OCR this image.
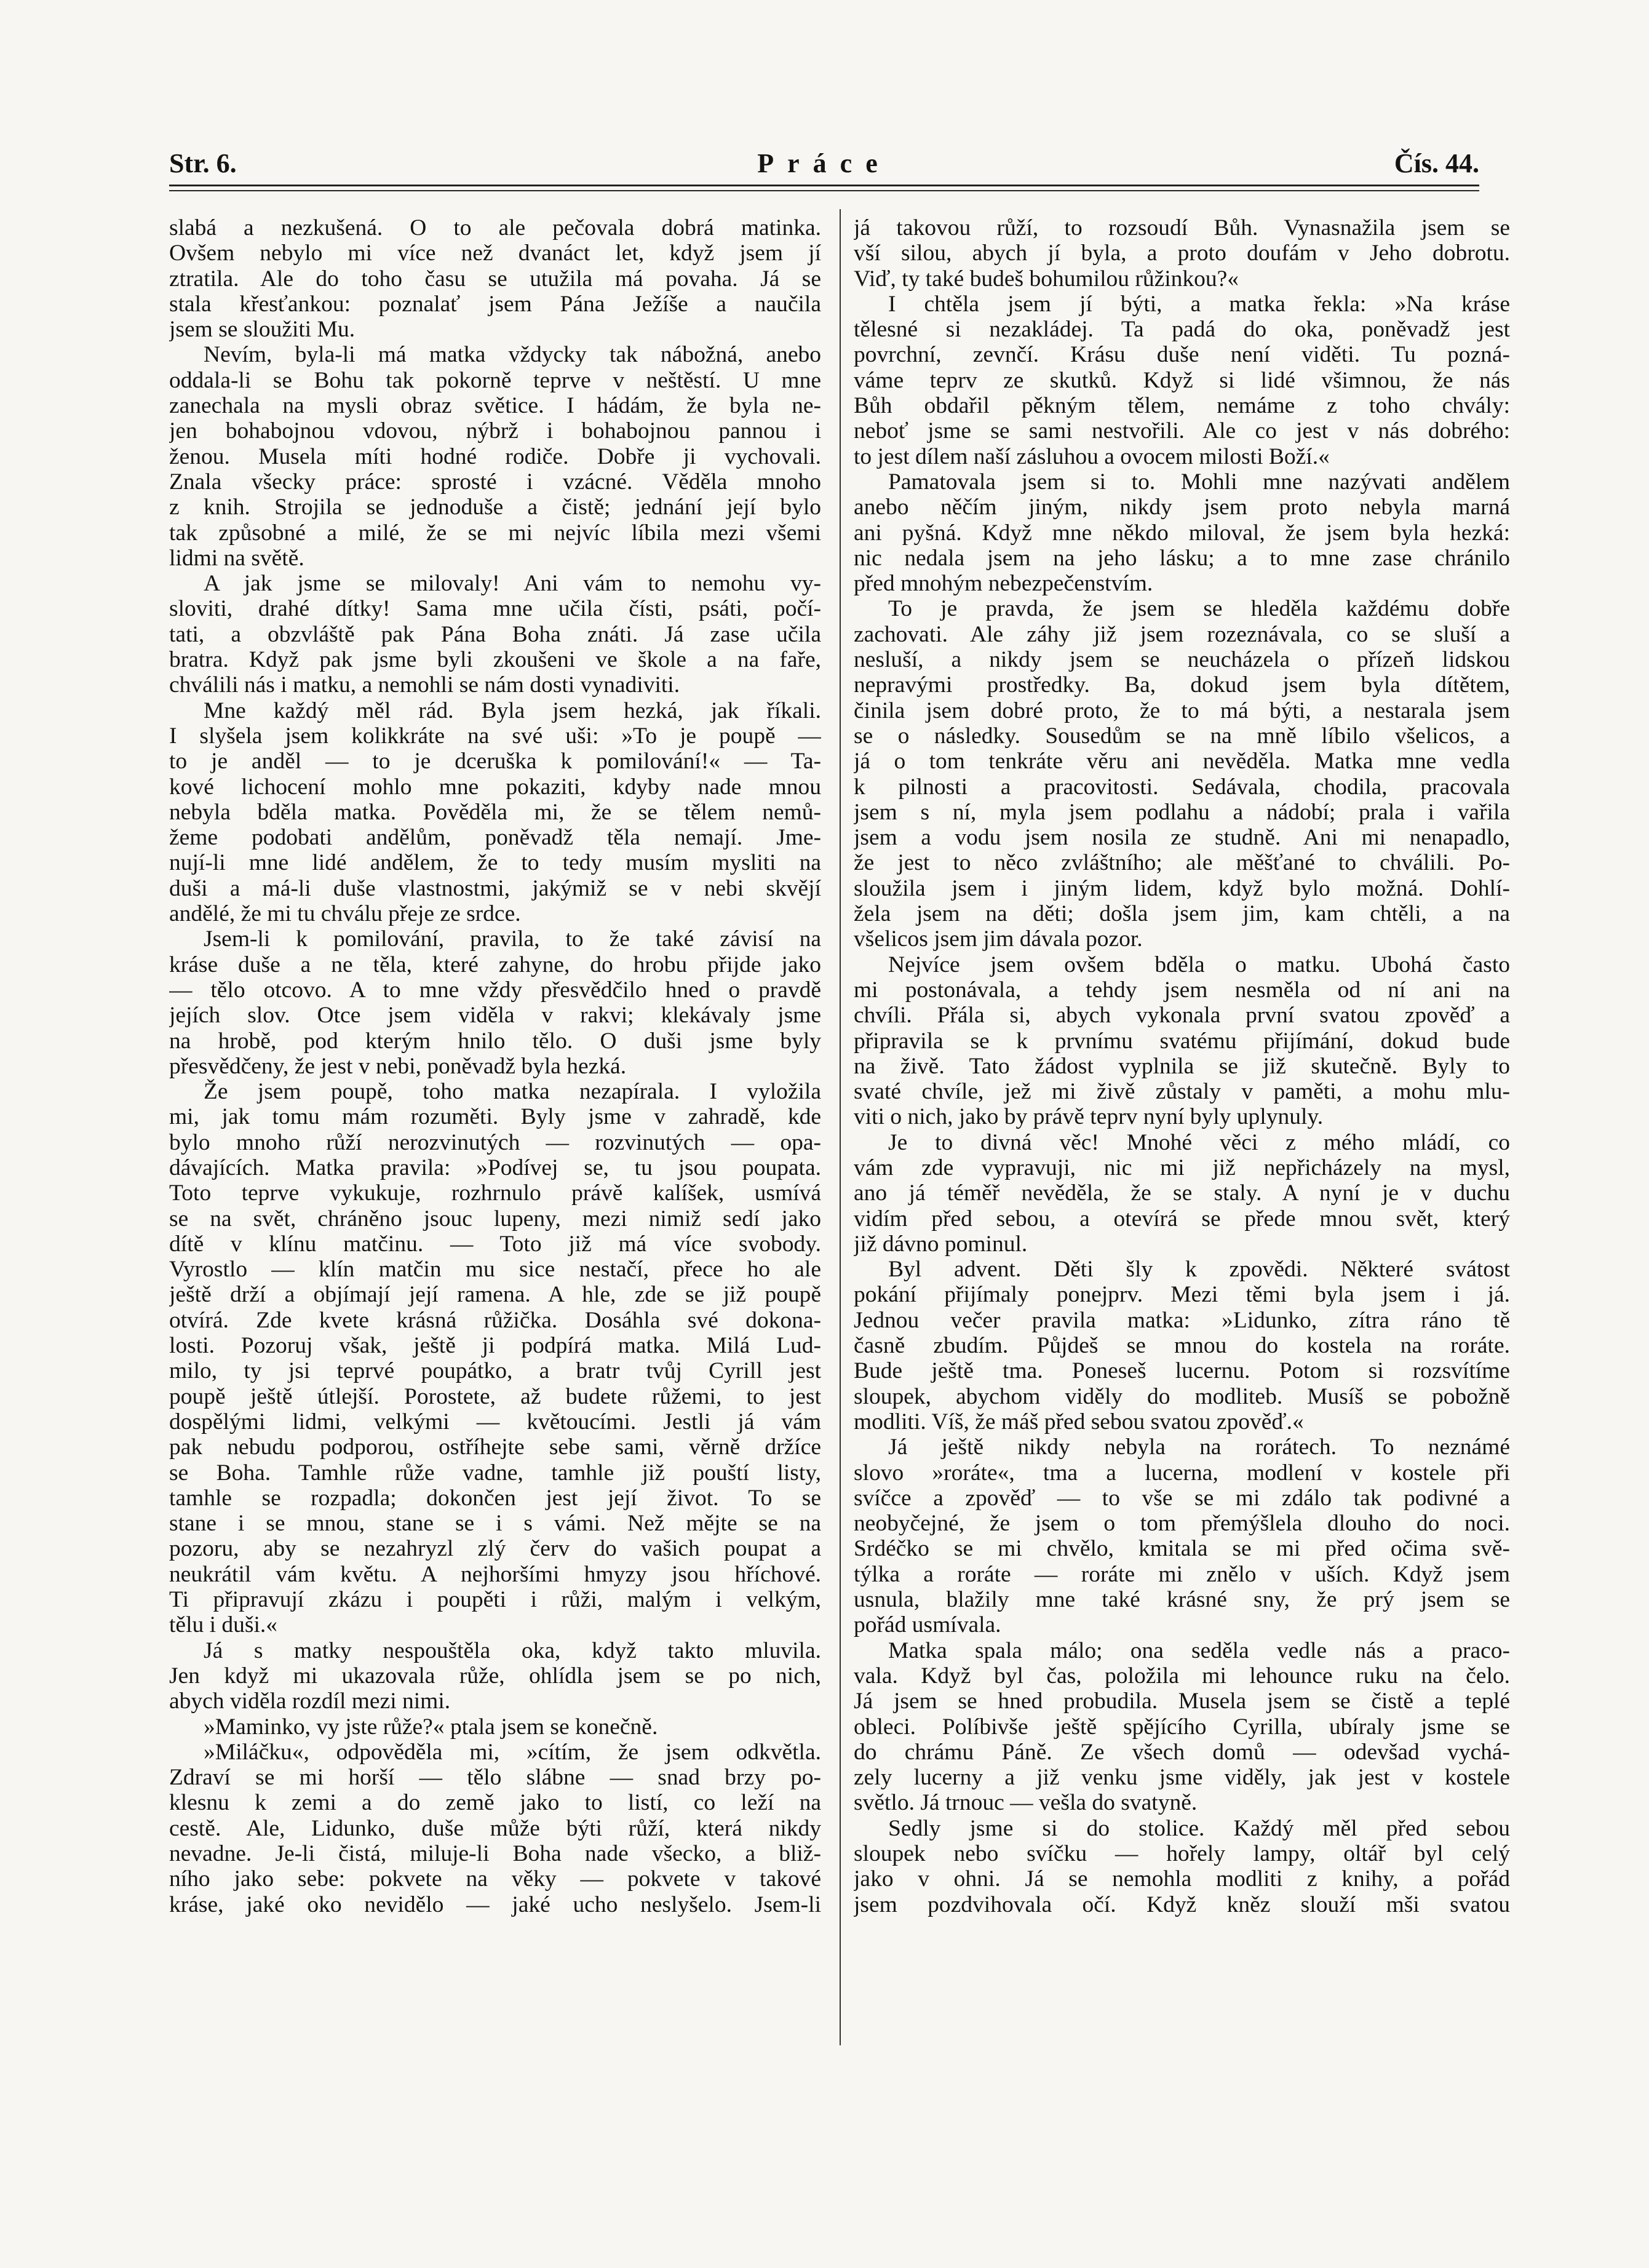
Str. 6.	Práce	Čís. 44.
slabá a nezkušená. O to ale pečovala dobrá matinka.
Ovšem nebylo mi více než dvanáct let, když jsem jí
ztratila. Ale do toho času se utužila má povaha. Já se
stala křesťankou: poznalať jsem Pána Ježíše a naučila
jsem se sloužiti Mu.
Nevím, byla-li má matka vždycky tak nábožná, anebo
oddala-li se Bohu tak pokorně teprve v neštěstí. U mne
zanechala na mysli obraz světice. I hádám, že byla ne-
jen bohabojnou vdovou, nýbrž i bohabojnou pannou i
ženou. Musela míti hodné rodiče. Dobře ji vychovali.
Znala všecky práce: sprosté i vzácné. Věděla mnoho
z knih. Strojila se jednoduše a čistě; jednání její bylo
tak způsobné a milé, že se mi nejvíc líbila mezi všemi
lidmi na světě.
A jak jsme se milovaly! Ani vám to nemohu vy-
sloviti, drahé dítky! Sama mne učila čísti, psáti, počí-
tati, a obzvláště pak Pána Boha znáti. Já zase učila
bratra. Když pak jsme byli zkoušeni ve škole a na faře,
chválili nás i matku, a nemohli se nám dosti vynadiviti.
Mne každý měl rád. Byla jsem hezká, jak říkali.
I slyšela jsem kolikkráte na své uši: »To je poupě —
to je anděl — to je dceruška k pomilování!« — Ta-
kové lichocení mohlo mne pokaziti, kdyby nade mnou
nebyla bděla matka. Pověděla mi, že se tělem nemů-
žeme podobati andělům, poněvadž těla nemají. Jme-
nují-li mne lidé andělem, že to tedy musím mysliti na
duši a má-li duše vlastnostmi, jakýmiž se v nebi skvějí
andělé, že mi tu chválu přeje ze srdce.
Jsem-li k pomilování, pravila, to že také závisí na
kráse duše a ne těla, které zahyne, do hrobu přijde jako
— tělo otcovo. A to mne vždy přesvědčilo hned o pravdě
jejích slov. Otce jsem viděla v rakvi; klekávaly jsme
na hrobě, pod kterým hnilo tělo. O duši jsme byly
přesvědčeny, že jest v nebi, poněvadž byla hezká.
Že jsem poupě, toho matka nezapírala. I vyložila
mi, jak tomu mám rozuměti. Byly jsme v zahradě, kde
bylo mnoho růží nerozvinutých — rozvinutých — opa-
dávajících. Matka pravila: »Podívej se, tu jsou poupata.
Toto teprve vykukuje, rozhrnulo právě kalíšek, usmívá
se na svět, chráněno jsouc lupeny, mezi nimiž sedí jako
dítě v klínu matčinu. — Toto již má více svobody.
Vyrostlo — klín matčin mu sice nestačí, přece ho ale
ještě drží a objímají její ramena. A hle, zde se již poupě
otvírá. Zde kvete krásná růžička. Dosáhla své dokona-
losti. Pozoruj však, ještě ji podpírá matka. Milá Lud-
milo, ty jsi teprvé poupátko, a bratr tvůj Cyrill jest
poupě ještě útlejší. Porostete, až budete růžemi, to jest
dospělými lidmi, velkými — květoucími. Jestli já vám
pak nebudu podporou, ostříhejte sebe sami, věrně držíce
se Boha. Tamhle růže vadne, tamhle již pouští listy,
tamhle se rozpadla; dokončen jest její život. To se
stane i se mnou, stane se i s vámi. Než mějte se na
pozoru, aby se nezahryzl zlý červ do vašich poupat a
neukrátil vám květu. A nejhoršími hmyzy jsou hříchové.
Ti připravují zkázu i poupěti i růži, malým i velkým,
tělu i duši.«
Já s matky nespouštěla oka, když takto mluvila.
Jen když mi ukazovala růže, ohlídla jsem se po nich,
abych viděla rozdíl mezi nimi.
»Maminko, vy jste růže?« ptala jsem se konečně.
»Miláčku«, odpověděla mi, »cítím, že jsem odkvětla.
Zdraví se mi horší — tělo slábne — snad brzy po-
klesnu k zemi a do země jako to listí, co leží na
cestě. Ale, Lidunko, duše může býti růží, která nikdy
nevadne. Je-li čistá, miluje-li Boha nade všecko, a bliž-
ního jako sebe: pokvete na věky — pokvete v takové
kráse, jaké oko nevidělo — jaké ucho neslyšelo. Jsem-li
já takovou růží, to rozsoudí Bůh. Vynasnažila jsem se
vší silou, abych jí byla, a proto doufám v Jeho dobrotu.
Viď, ty také budeš bohumilou růžinkou?«
I chtěla jsem jí býti, a matka řekla: »Na kráse
tělesné si nezakládej. Ta padá do oka, poněvadž jest
povrchní, zevnčí. Krásu duše není viděti. Tu pozná-
váme teprv ze skutků. Když si lidé všimnou, že nás
Bůh obdařil pěkným tělem, nemáme z toho chvály:
neboť jsme se sami nestvořili. Ale co jest v nás dobrého:
to jest dílem naší zásluhou a ovocem milosti Boží.«
Pamatovala jsem si to. Mohli mne nazývati andělem
anebo něčím jiným, nikdy jsem proto nebyla marná
ani pyšná. Když mne někdo miloval, že jsem byla hezká:
nic nedala jsem na jeho lásku; a to mne zase chránilo
před mnohým nebezpečenstvím.
To je pravda, že jsem se hleděla každému dobře
zachovati. Ale záhy již jsem rozeznávala, co se sluší a
nesluší, a nikdy jsem se neucházela o přízeň lidskou
nepravými prostředky. Ba, dokud jsem byla dítětem,
činila jsem dobré proto, že to má býti, a nestarala jsem
se o následky. Sousedům se na mně líbilo všelicos, a
já o tom tenkráte věru ani nevěděla. Matka mne vedla
k pilnosti a pracovitosti. Sedávala, chodila, pracovala
jsem s ní, myla jsem podlahu a nádobí; prala i vařila
jsem a vodu jsem nosila ze studně. Ani mi nenapadlo,
že jest to něco zvláštního; ale měšťané to chválili. Po-
sloužila jsem i jiným lidem, když bylo možná. Dohlí-
žela jsem na děti; došla jsem jim, kam chtěli, a na
všelicos jsem jim dávala pozor.
Nejvíce jsem ovšem bděla o matku. Ubohá často
mi postonávala, a tehdy jsem nesměla od ní ani na
chvíli. Přála si, abych vykonala první svatou zpověď a
připravila se k prvnímu svatému přijímání, dokud bude
na živě. Tato žádost vyplnila se již skutečně. Byly to
svaté chvíle, jež mi živě zůstaly v paměti, a mohu mlu-
viti o nich, jako by právě teprv nyní byly uplynuly.
Je to divná věc! Mnohé věci z mého mládí, co
vám zde vypravuji, nic mi již nepřicházely na mysl,
ano já téměř nevěděla, že se staly. A nyní je v duchu
vidím před sebou, a otevírá se přede mnou svět, který
již dávno pominul.
Byl advent. Děti šly k zpovědi. Některé svátost
pokání přijímaly ponejprv. Mezi těmi byla jsem i já.
Jednou večer pravila matka: »Lidunko, zítra ráno tě
časně zbudím. Půjdeš se mnou do kostela na roráte.
Bude ještě tma. Poneseš lucernu. Potom si rozsvítíme
sloupek, abychom viděly do modliteb. Musíš se pobožně
modliti. Víš, že máš před sebou svatou zpověď.«
Já ještě nikdy nebyla na rorátech. To neznámé
slovo »roráte«, tma a lucerna, modlení v kostele při
svíčce a zpověď — to vše se mi zdálo tak podivné a
neobyčejné, že jsem o tom přemýšlela dlouho do noci.
Srdéčko se mi chvělo, kmitala se mi před očima svě-
týlka a roráte — roráte mi znělo v uších. Když jsem
usnula, blažily mne také krásné sny, že prý jsem se
pořád usmívala.
Matka spala málo; ona seděla vedle nás a praco-
vala. Když byl čas, položila mi lehounce ruku na čelo.
Já jsem se hned probudila. Musela jsem se čistě a teplé
obleci. Políbivše ještě spějícího Cyrilla, ubíraly jsme se
do chrámu Páně. Ze všech domů — odevšad vychá-
zely lucerny a již venku jsme viděly, jak jest v kostele
světlo. Já trnouc — vešla do svatyně.
Sedly jsme si do stolice. Každý měl před sebou
sloupek nebo svíčku — hořely lampy, oltář byl celý
jako v ohni. Já se nemohla modliti z knihy, a pořád
jsem pozdvihovala očí. Když kněz slouží mši svatou
